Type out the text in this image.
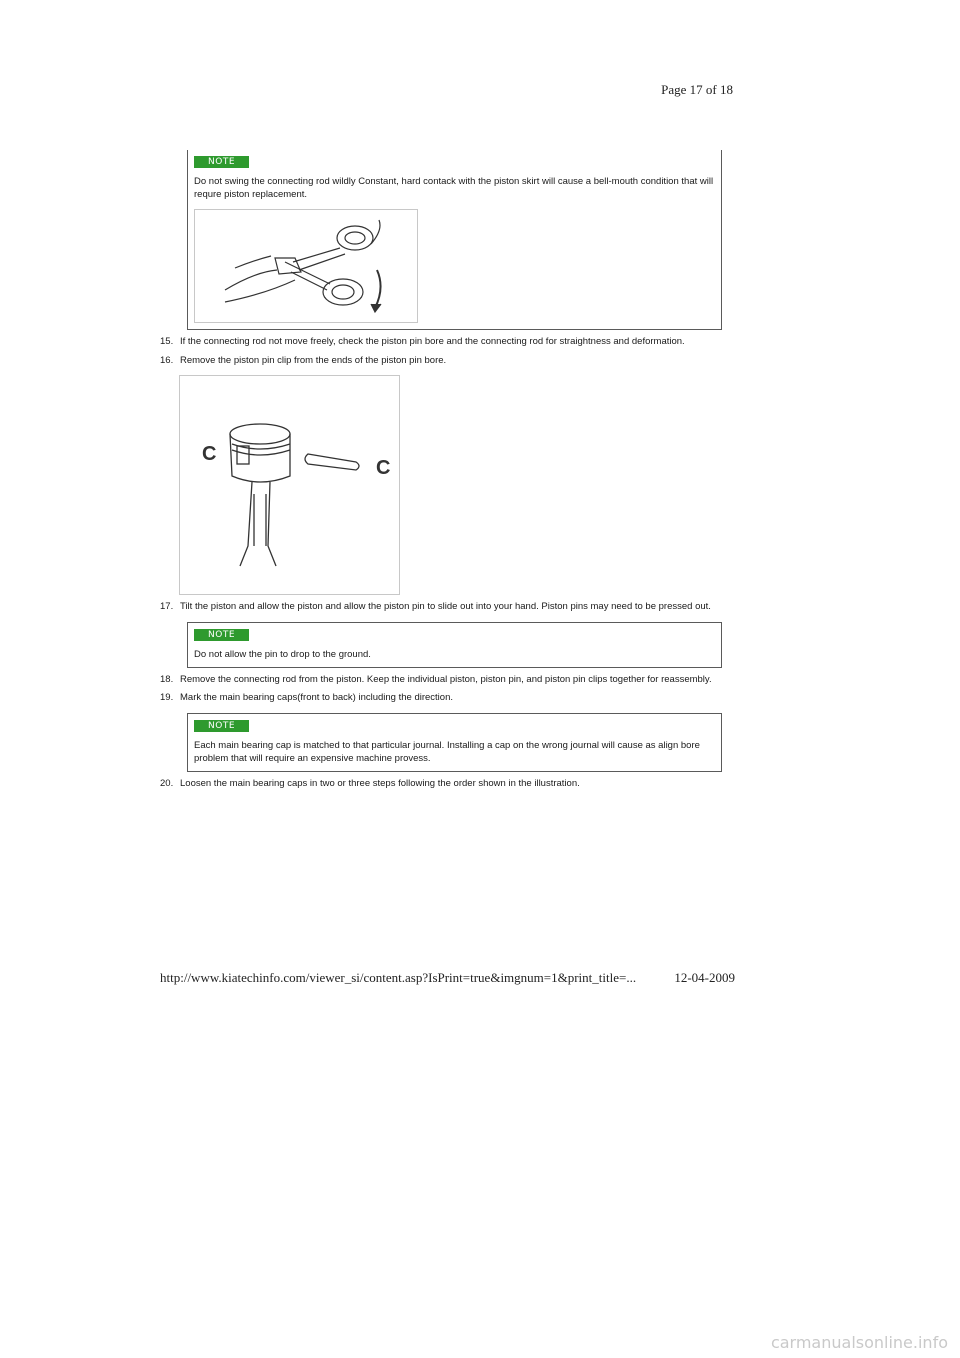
Page 17 of 18
NOTE
Do not swing the connecting rod wildly Constant, hard contack with the piston skirt will cause a bell-mouth condition that will requre piston replacement.
15. If the connecting rod not move freely, check the piston pin bore and the connecting rod for straightness and deformation.
16. Remove the piston pin clip from the ends of the piston pin bore.
C
C
17. Tilt the piston and allow the piston and allow the piston pin to slide out into your hand. Piston pins may need to be pressed out.
NOTE
Do not allow the pin to drop to the ground.
18. Remove the connecting rod from the piston. Keep the individual piston, piston pin, and piston pin clips together for reassembly.
19. Mark the main bearing caps(front to back) including the direction.
NOTE
Each main bearing cap is matched to that particular journal. Installing a cap on the wrong journal will cause as align bore problem that will require an expensive machine provess.
20. Loosen the main bearing caps in two or three steps following the order shown in the illustration.
http://www.kiatechinfo.com/viewer_si/content.asp?IsPrint=true&imgnum=1&print_title=...	12-04-2009
carmanualsonline.info
